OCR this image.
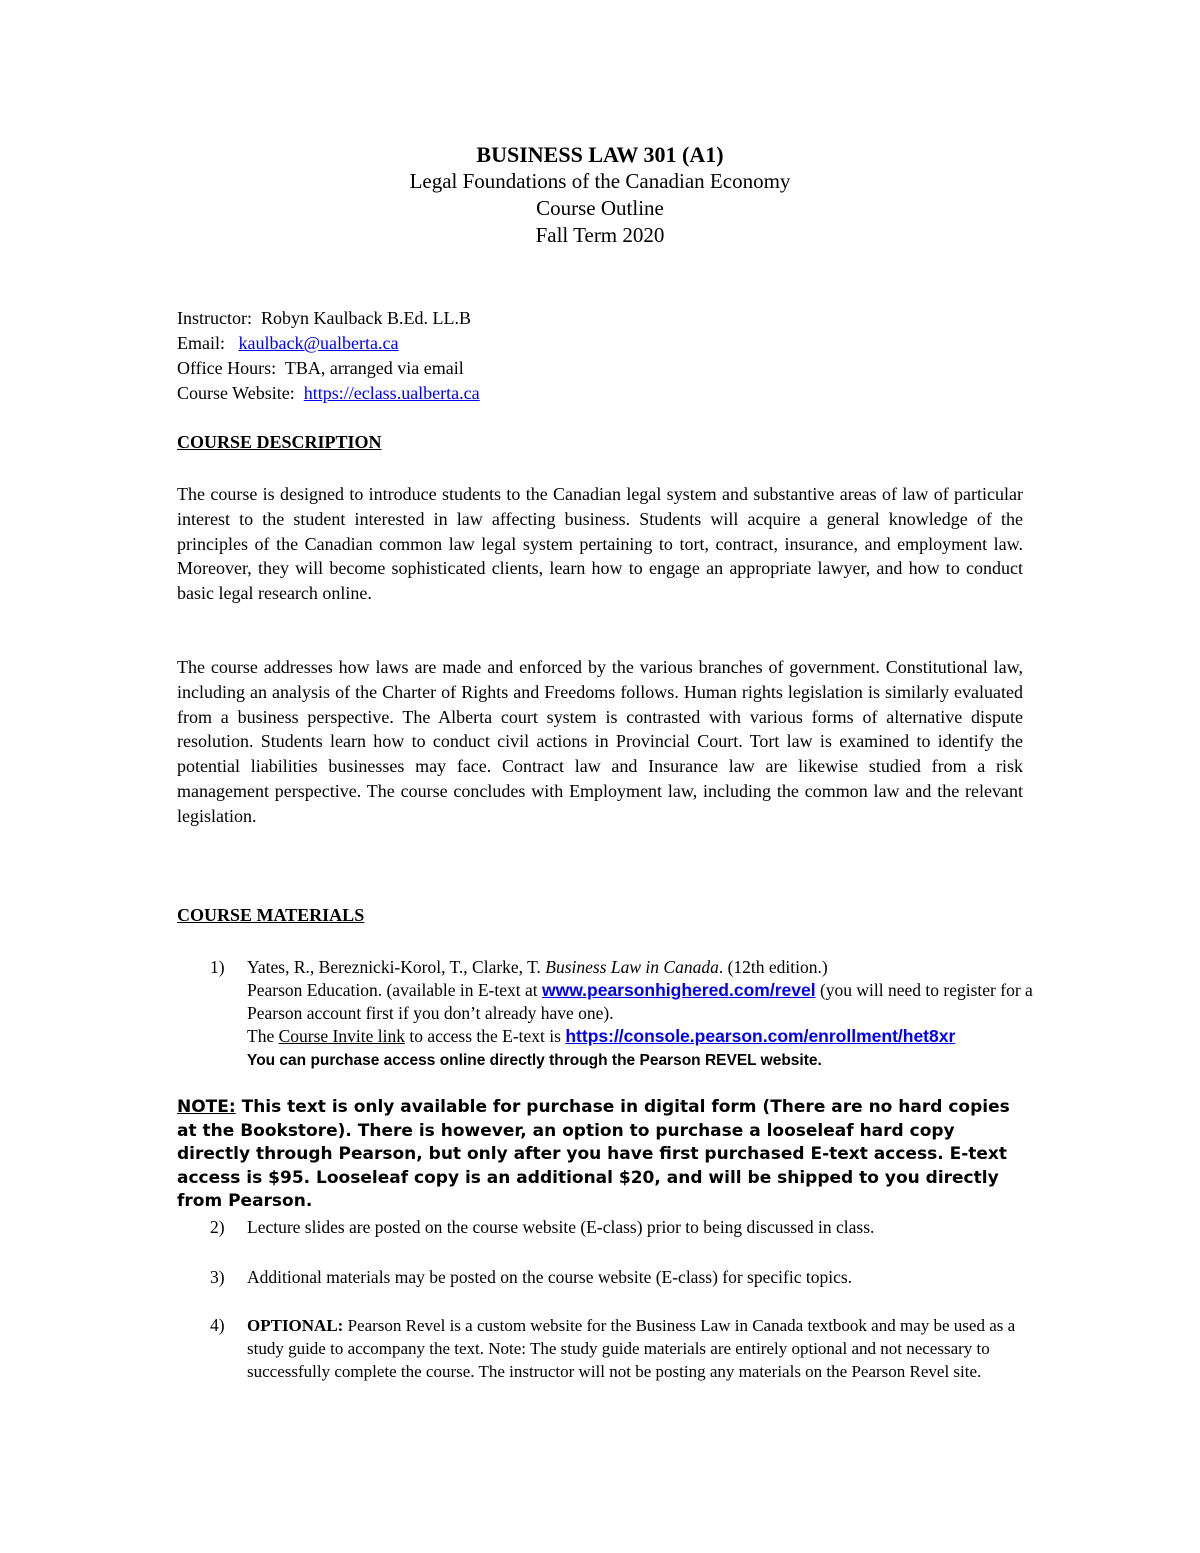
BUSINESS LAW 301 (A1)
Legal Foundations of the Canadian Economy
Course Outline
Fall Term 2020
Instructor: Robyn Kaulback B.Ed. LL.B
Email: kaulback@ualberta.ca
Office Hours: TBA, arranged via email
Course Website: https://eclass.ualberta.ca
COURSE DESCRIPTION
The course is designed to introduce students to the Canadian legal system and substantive areas of law of particular interest to the student interested in law affecting business. Students will acquire a general knowledge of the principles of the Canadian common law legal system pertaining to tort, contract, insurance, and employment law. Moreover, they will become sophisticated clients, learn how to engage an appropriate lawyer, and how to conduct basic legal research online.
The course addresses how laws are made and enforced by the various branches of government. Constitutional law, including an analysis of the Charter of Rights and Freedoms follows. Human rights legislation is similarly evaluated from a business perspective. The Alberta court system is contrasted with various forms of alternative dispute resolution. Students learn how to conduct civil actions in Provincial Court. Tort law is examined to identify the potential liabilities businesses may face. Contract law and Insurance law are likewise studied from a risk management perspective. The course concludes with Employment law, including the common law and the relevant legislation.
COURSE MATERIALS
1) Yates, R., Bereznicki-Korol, T., Clarke, T. Business Law in Canada. (12th edition.)
Pearson Education. (available in E-text at www.pearsonhighered.com/revel (you will need to register for a Pearson account first if you don’t already have one).
The Course Invite link to access the E-text is https://console.pearson.com/enrollment/het8xr
You can purchase access online directly through the Pearson REVEL website.
NOTE: This text is only available for purchase in digital form (There are no hard copies at the Bookstore). There is however, an option to purchase a looseleaf hard copy directly through Pearson, but only after you have first purchased E-text access. E-text access is $95. Looseleaf copy is an additional $20, and will be shipped to you directly from Pearson.
2) Lecture slides are posted on the course website (E-class) prior to being discussed in class.
3) Additional materials may be posted on the course website (E-class) for specific topics.
4) OPTIONAL: Pearson Revel is a custom website for the Business Law in Canada textbook and may be used as a study guide to accompany the text. Note: The study guide materials are entirely optional and not necessary to successfully complete the course. The instructor will not be posting any materials on the Pearson Revel site.
